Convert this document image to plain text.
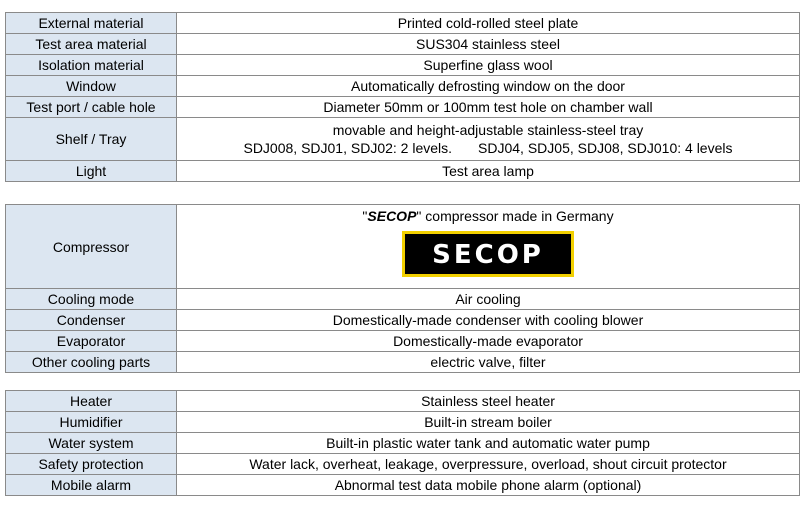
External material	Printed cold-rolled steel plate
Test area material	SUS304 stainless steel
Isolation material	Superfine glass wool
Window	Automatically defrosting window on the door
Test port / cable hole	Diameter 50mm or 100mm test hole on chamber wall
Shelf / Tray	movable and height-adjustable stainless-steel tray
SDJ008, SDJ01, SDJ02: 2 levels. SDJ04, SDJ05, SDJ08, SDJ010: 4 levels

Light	Test area lamp
Compressor	"SECOP" compressor made in Germany
SECOP

Cooling mode	Air cooling
Condenser	Domestically-made condenser with cooling blower
Evaporator	Domestically-made evaporator
Other cooling parts	electric valve, filter
Heater	Stainless steel heater
Humidifier	Built-in stream boiler
Water system	Built-in plastic water tank and automatic water pump
Safety protection	Water lack, overheat, leakage, overpressure, overload, shout circuit protector
Mobile alarm	Abnormal test data mobile phone alarm (optional)
